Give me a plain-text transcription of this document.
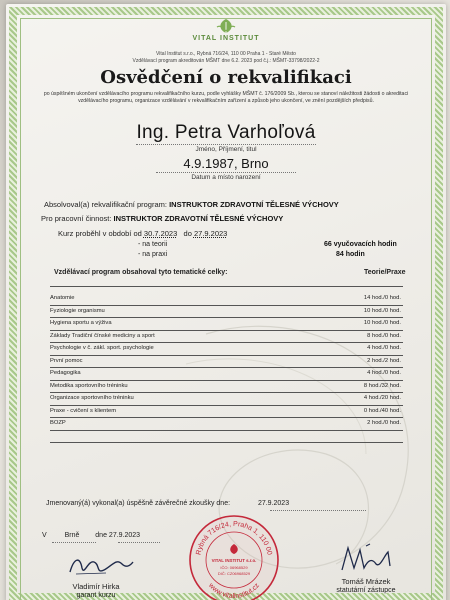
VITAL INSTITUT
Vital Institut s.r.o., Rybná 716/24, 110 00 Praha 1 - Staré Město
Vzdělávací program akreditován MŠMT dne 6.2. 2023 pod č.j.: MŠMT-33798/2022-2
Osvědčení o rekvalifikaci
po úspěšném ukončení vzdělávacího programu rekvalifikačního kurzu, podle vyhlášky MŠMT č. 176/2009 Sb., kterou se stanoví náležitosti žádosti o akreditaci vzdělávacího programu, organizace vzdělávání v rekvalifikačním zařízení a způsob jeho ukončení, ve znění pozdějších předpisů.
Ing. Petra Varhoľová
Jméno, Příjmení, titul
4.9.1987, Brno
Datum a místo narození
Absolvoval(a) rekvalifikační program: INSTRUKTOR ZDRAVOTNÍ TĚLESNÉ VÝCHOVY
Pro pracovní činnost: INSTRUKTOR ZDRAVOTNÍ TĚLESNÉ VÝCHOVY
Kurz proběhl v období od 30.7.2023 do 27.9.2023
- na teorii	66 vyučovacích hodin
- na praxi	84 hodin
Vzdělávací program obsahoval tyto tematické celky:	Teorie/Praxe
Anatomie	14 hod./0 hod.
Fyziologie organismu	10 hod./0 hod.
Hygiena sportu a výživa	10 hod./0 hod.
Základy Tradiční čínské mediciny a sport	8 hod./0 hod.
Psychologie v č. zákl. sport. psychologie	4 hod./0 hod.
První pomoc	2 hod./2 hod.
Pedagogika	4 hod./0 hod.
Metodika sportovního tréninku	8 hod./32 hod.
Organizace sportovního tréninku	4 hod./20 hod.
Praxe - cvičení s klientem	0 hod./40 hod.
BOZP	2 hod./0 hod.
Jmenovaný(á) vykonal(a) úspěšně závěrečné zkoušky dne:	27.9.2023
V	Brně dne 27.9.2023
Vladimír Hirka
garant kurzu
Tomáš Mrázek
statutární zástupce
Rybná 716/24, Praha 1, 110 00
www.vitalinstitut.cz
VITAL INSTITUT s.r.o.
IČO: 06968529
DIČ: CZ06968529
